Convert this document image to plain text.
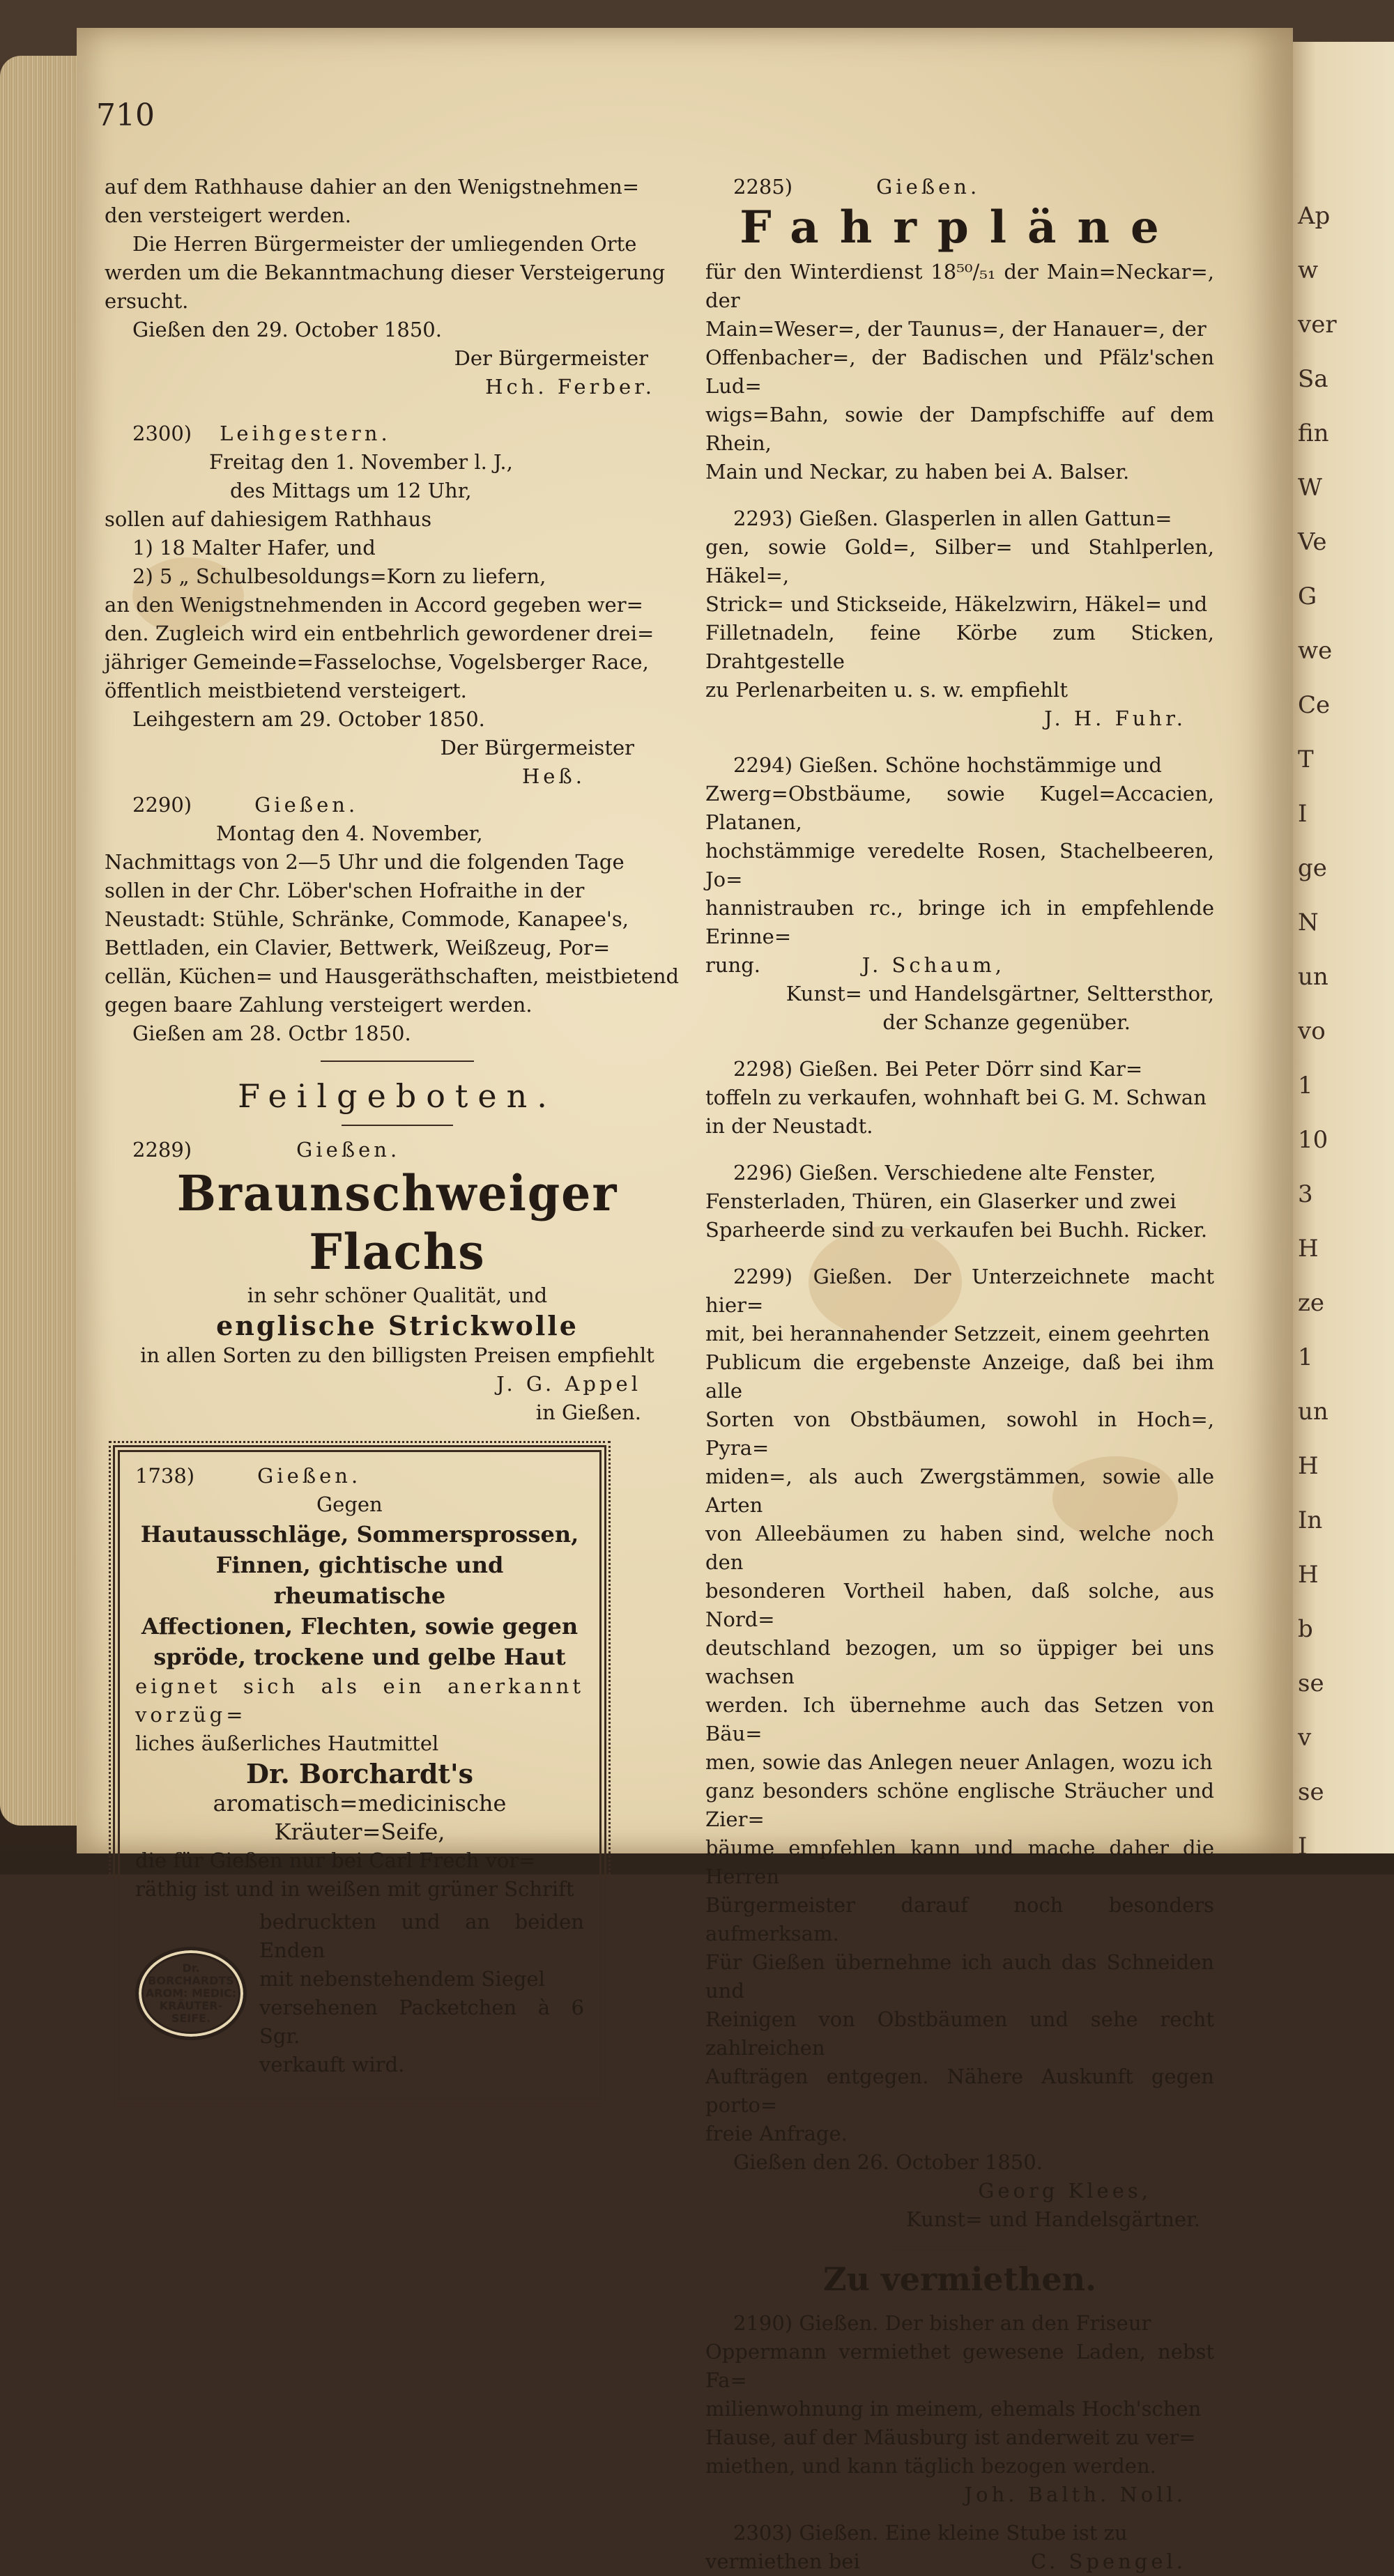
Ap
w
ver
Sa
fin
W
Ve
G
we
Ce
T
I
ge
N
un
vo
1
10
3
H
ze
1
un
H
In
H
b
se
v
se
I
710

auf dem Rathhause dahier an den Wenigstnehmen=

den versteigert werden.

Die Herren Bürgermeister der umliegenden Orte

werden um die Bekanntmachung dieser Versteigerung

ersucht.

Gießen den 29. October 1850.

Der Bürgermeister

Hch. Ferber.

2300) Leihgestern.

Freitag den 1. November l. J.,

des Mittags um 12 Uhr,

sollen auf dahiesigem Rathhaus

1) 18 Malter Hafer, und

2) 5 „ Schulbesoldungs=Korn zu liefern,

an den Wenigstnehmenden in Accord gegeben wer=

den. Zugleich wird ein entbehrlich gewordener drei=

jähriger Gemeinde=Fasselochse, Vogelsberger Race,

öffentlich meistbietend versteigert.

Leihgestern am 29. October 1850.

Der Bürgermeister

Heß.

2290)	Gießen.

Montag den 4. November,

Nachmittags von 2—5 Uhr und die folgenden Tage

sollen in der Chr. Löber'schen Hofraithe in der

Neustadt: Stühle, Schränke, Commode, Kanapee's,

Bettladen, ein Clavier, Bettwerk, Weißzeug, Por=

cellän, Küchen= und Hausgeräthschaften, meistbietend

gegen baare Zahlung versteigert werden.

Gießen am 28. Octbr 1850.

Feilgeboten.

2289)	Gießen.

Braunschweiger Flachs

in sehr schöner Qualität, und

englische Strickwolle

in allen Sorten zu den billigsten Preisen empfiehlt

J. G. Appel

in Gießen.

1738)	Gießen.

Gegen

Hautausschläge, Sommersprossen,
Finnen, gichtische und rheumatische
Affectionen, Flechten, sowie gegen
spröde, trockene und gelbe Haut

eignet sich als ein anerkannt vorzüg=

liches äußerliches Hautmittel

Dr. Borchardt's

aromatisch=medicinische Kräuter=Seife,

die für Gießen nur bei Carl Frech vor=

räthig ist und in weißen mit grüner Schrift

Dr.
BORCHARDTS
AROM: MEDIC:
KRÄUTER-
SEIFE.

bedruckten und an beiden Enden

mit nebenstehendem Siegel

versehenen Packetchen à 6 Sgr.

verkauft wird.

2285)	Gießen.

Fahrpläne

für den Winterdienst 18⁵⁰/₅₁ der Main=Neckar=, der

Main=Weser=, der Taunus=, der Hanauer=, der

Offenbacher=, der Badischen und Pfälz'schen Lud=

wigs=Bahn, sowie der Dampfschiffe auf dem Rhein,

Main und Neckar, zu haben bei A. Balser.

2293) Gießen. Glasperlen in allen Gattun=

gen, sowie Gold=, Silber= und Stahlperlen, Häkel=,

Strick= und Stickseide, Häkelzwirn, Häkel= und

Filletnadeln, feine Körbe zum Sticken, Drahtgestelle

zu Perlenarbeiten u. s. w. empfiehlt

J. H. Fuhr.

2294) Gießen. Schöne hochstämmige und

Zwerg=Obstbäume, sowie Kugel=Accacien, Platanen,

hochstämmige veredelte Rosen, Stachelbeeren, Jo=

hannistrauben rc., bringe ich in empfehlende Erinne=

rung.	J. Schaum,

Kunst= und Handelsgärtner, Selttersthor,

der Schanze gegenüber.

2298) Gießen. Bei Peter Dörr sind Kar=

toffeln zu verkaufen, wohnhaft bei G. M. Schwan

in der Neustadt.

2296) Gießen. Verschiedene alte Fenster,

Fensterladen, Thüren, ein Glaserker und zwei

Sparheerde sind zu verkaufen bei Buchh. Ricker.

2299) Gießen. Der Unterzeichnete macht hier=

mit, bei herannahender Setzzeit, einem geehrten

Publicum die ergebenste Anzeige, daß bei ihm alle

Sorten von Obstbäumen, sowohl in Hoch=, Pyra=

miden=, als auch Zwergstämmen, sowie alle Arten

von Alleebäumen zu haben sind, welche noch den

besonderen Vortheil haben, daß solche, aus Nord=

deutschland bezogen, um so üppiger bei uns wachsen

werden. Ich übernehme auch das Setzen von Bäu=

men, sowie das Anlegen neuer Anlagen, wozu ich

ganz besonders schöne englische Sträucher und Zier=

bäume empfehlen kann und mache daher die Herren

Bürgermeister darauf noch besonders aufmerksam.

Für Gießen übernehme ich auch das Schneiden und

Reinigen von Obstbäumen und sehe recht zahlreichen

Aufträgen entgegen. Nähere Auskunft gegen porto=

freie Anfrage.

Gießen den 26. October 1850.

Georg Klees,

Kunst= und Handelsgärtner.

Zu vermiethen.

2190) Gießen. Der bisher an den Friseur

Oppermann vermiethet gewesene Laden, nebst Fa=

milienwohnung in meinem, ehemals Hoch'schen

Hause, auf der Mäusburg ist anderweit zu ver=

miethen, und kann täglich bezogen werden.

Joh. Balth. Noll.

2303) Gießen. Eine kleine Stube ist zu

vermiethen bei	C. Spengel.
